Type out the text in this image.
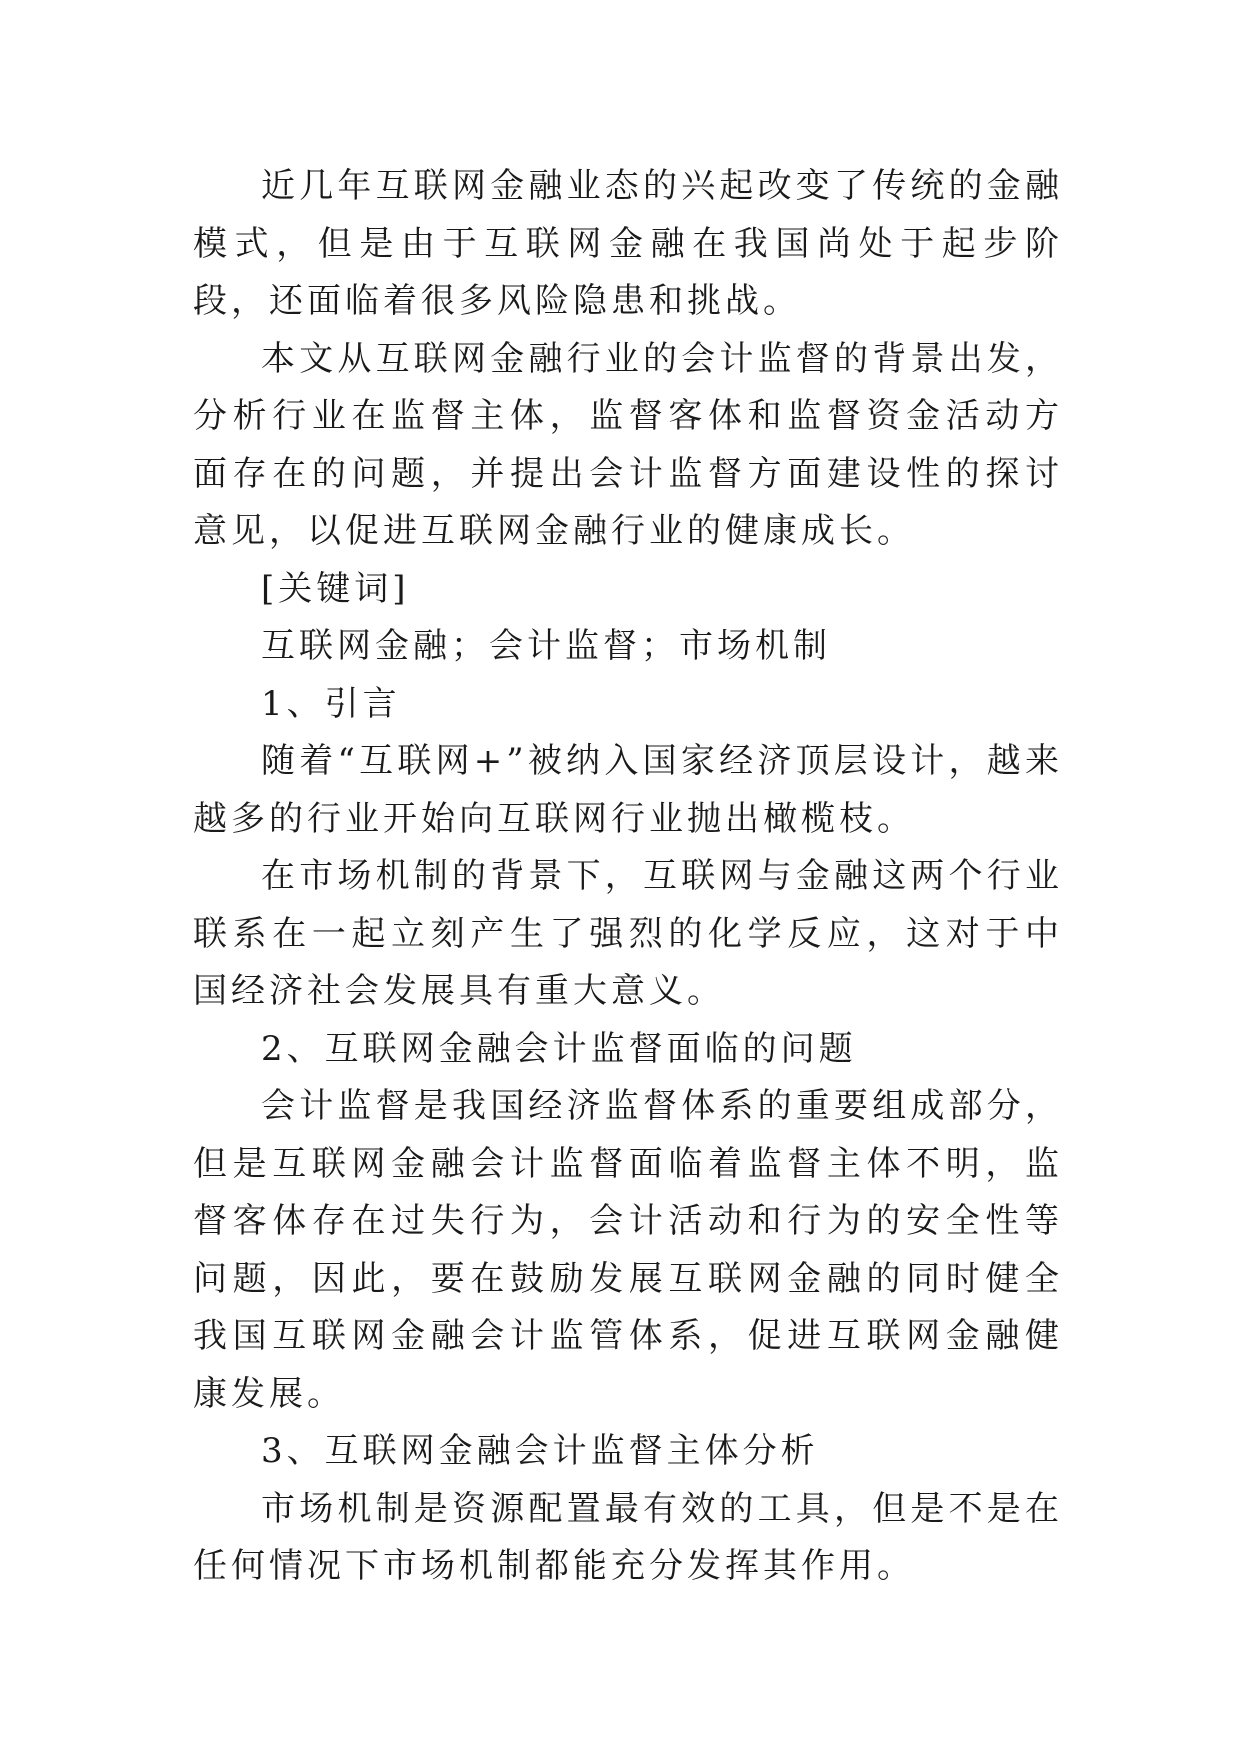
近几年互联网金融业态的兴起改变了传统的金融模式，但是由于互联网金融在我国尚处于起步阶段，还面临着很多风险隐患和挑战。

本文从互联网金融行业的会计监督的背景出发，分析行业在监督主体，监督客体和监督资金活动方面存在的问题，并提出会计监督方面建设性的探讨意见，以促进互联网金融行业的健康成长。

[关键词]

互联网金融；会计监督；市场机制

1、引言

随着“互联网+”被纳入国家经济顶层设计，越来越多的行业开始向互联网行业抛出橄榄枝。

在市场机制的背景下，互联网与金融这两个行业联系在一起立刻产生了强烈的化学反应，这对于中国经济社会发展具有重大意义。

2、互联网金融会计监督面临的问题

会计监督是我国经济监督体系的重要组成部分，但是互联网金融会计监督面临着监督主体不明，监督客体存在过失行为，会计活动和行为的安全性等问题，因此，要在鼓励发展互联网金融的同时健全我国互联网金融会计监管体系，促进互联网金融健康发展。

3、互联网金融会计监督主体分析

市场机制是资源配置最有效的工具，但是不是在任何情况下市场机制都能充分发挥其作用。
